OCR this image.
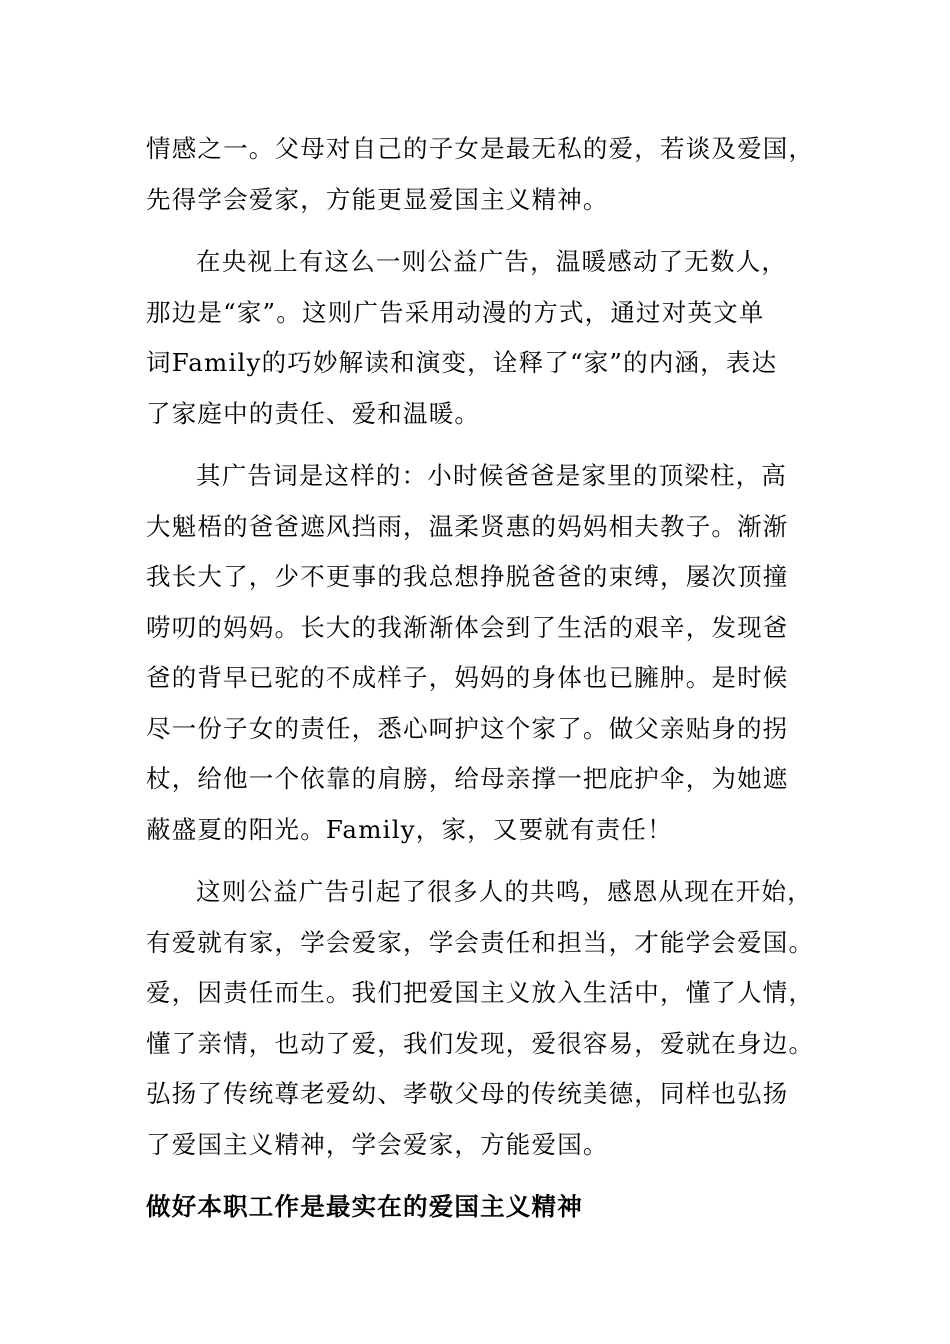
情感之一。父母对自己的子女是最无私的爱，若谈及爱国，
先得学会爱家，方能更显爱国主义精神。
在央视上有这么一则公益广告，温暖感动了无数人，
那边是“家”。这则广告采用动漫的方式，通过对英文单
词Family的巧妙解读和演变，诠释了“家”的内涵，表达
了家庭中的责任、爱和温暖。
其广告词是这样的：小时候爸爸是家里的顶梁柱，高
大魁梧的爸爸遮风挡雨，温柔贤惠的妈妈相夫教子。渐渐
我长大了，少不更事的我总想挣脱爸爸的束缚，屡次顶撞
唠叨的妈妈。长大的我渐渐体会到了生活的艰辛，发现爸
爸的背早已驼的不成样子，妈妈的身体也已臃肿。是时候
尽一份子女的责任，悉心呵护这个家了。做父亲贴身的拐
杖，给他一个依靠的肩膀，给母亲撑一把庇护伞，为她遮
蔽盛夏的阳光。Family，家，又要就有责任！
这则公益广告引起了很多人的共鸣，感恩从现在开始，
有爱就有家，学会爱家，学会责任和担当，才能学会爱国。
爱，因责任而生。我们把爱国主义放入生活中，懂了人情，
懂了亲情，也动了爱，我们发现，爱很容易，爱就在身边。
弘扬了传统尊老爱幼、孝敬父母的传统美德，同样也弘扬
了爱国主义精神，学会爱家，方能爱国。
做好本职工作是最实在的爱国主义精神
